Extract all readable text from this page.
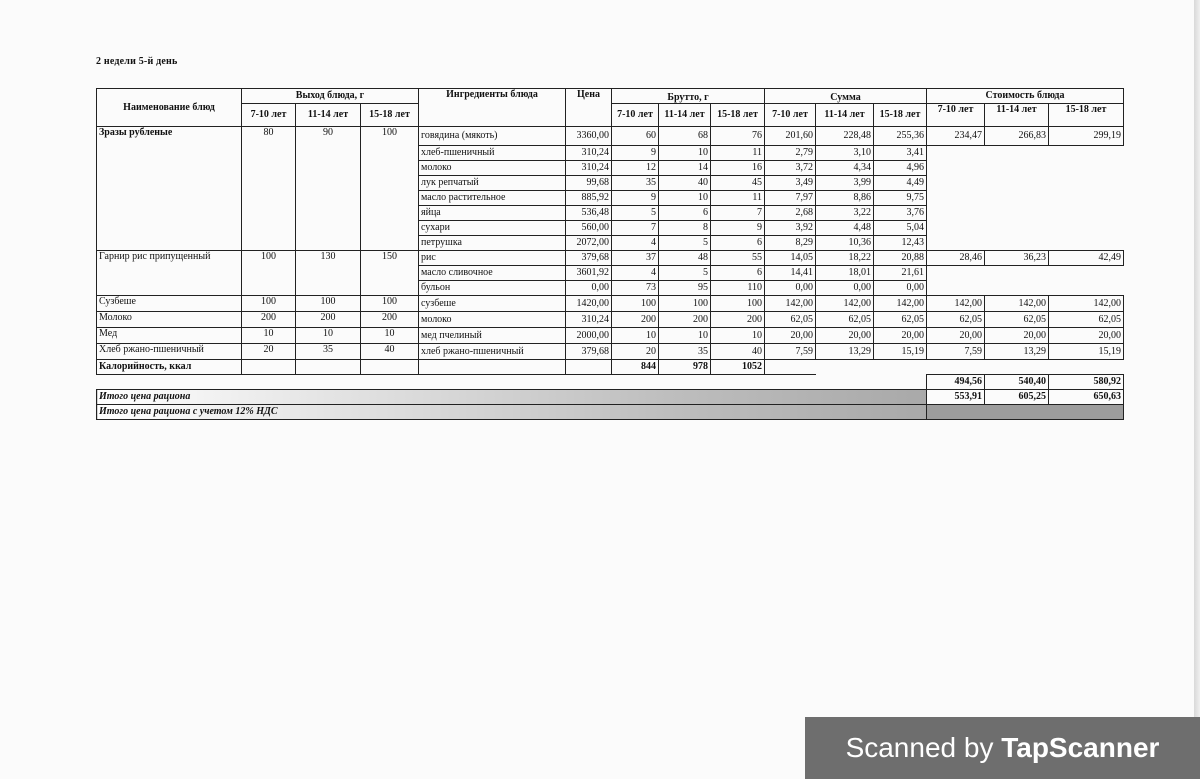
2 недели 5-й день
Наименование блюд	Выход блюда, г			Ингредиенты блюда	Цена	Брутто, г			Сумма			Стоимость блюда		
	7-10 лет	11-14 лет	15-18 лет									7-10 лет	11-14 лет	15-18 лет
						7-10 лет	11-14 лет	15-18 лет	7-10 лет	11-14 лет	15-18 лет			
Зразы рубленые	80	90	100	говядина (мякоть)	3360,00	60	68	76	201,60	228,48	255,36	234,47	266,83	299,19
				хлеб-пшеничный	310,24	9	10	11	2,79	3,10	3,41			
				молоко	310,24	12	14	16	3,72	4,34	4,96			
				лук репчатый	99,68	35	40	45	3,49	3,99	4,49			
				масло растительное	885,92	9	10	11	7,97	8,86	9,75			
				яйца	536,48	5	6	7	2,68	3,22	3,76			
				сухари	560,00	7	8	9	3,92	4,48	5,04			
				петрушка	2072,00	4	5	6	8,29	10,36	12,43			
Гарнир рис припущенный	100	130	150	рис	379,68	37	48	55	14,05	18,22	20,88	28,46	36,23	42,49
				масло сливочное	3601,92	4	5	6	14,41	18,01	21,61			
				бульон	0,00	73	95	110	0,00	0,00	0,00			
Сузбеше	100	100	100	сузбеше	1420,00	100	100	100	142,00	142,00	142,00	142,00	142,00	142,00
Молоко	200	200	200	молоко	310,24	200	200	200	62,05	62,05	62,05	62,05	62,05	62,05
Мед	10	10	10	мед пчелиный	2000,00	10	10	10	20,00	20,00	20,00	20,00	20,00	20,00
Хлеб ржано-пшеничный	20	35	40	хлеб ржано-пшеничный	379,68	20	35	40	7,59	13,29	15,19	7,59	13,29	15,19
Калорийность, ккал						844	978	1052						
												494,56	540,40	580,92
Итого цена рациона												553,91	605,25	650,63
Итого цена рациона с учетом 12% НДС														
Scanned by TapScanner
